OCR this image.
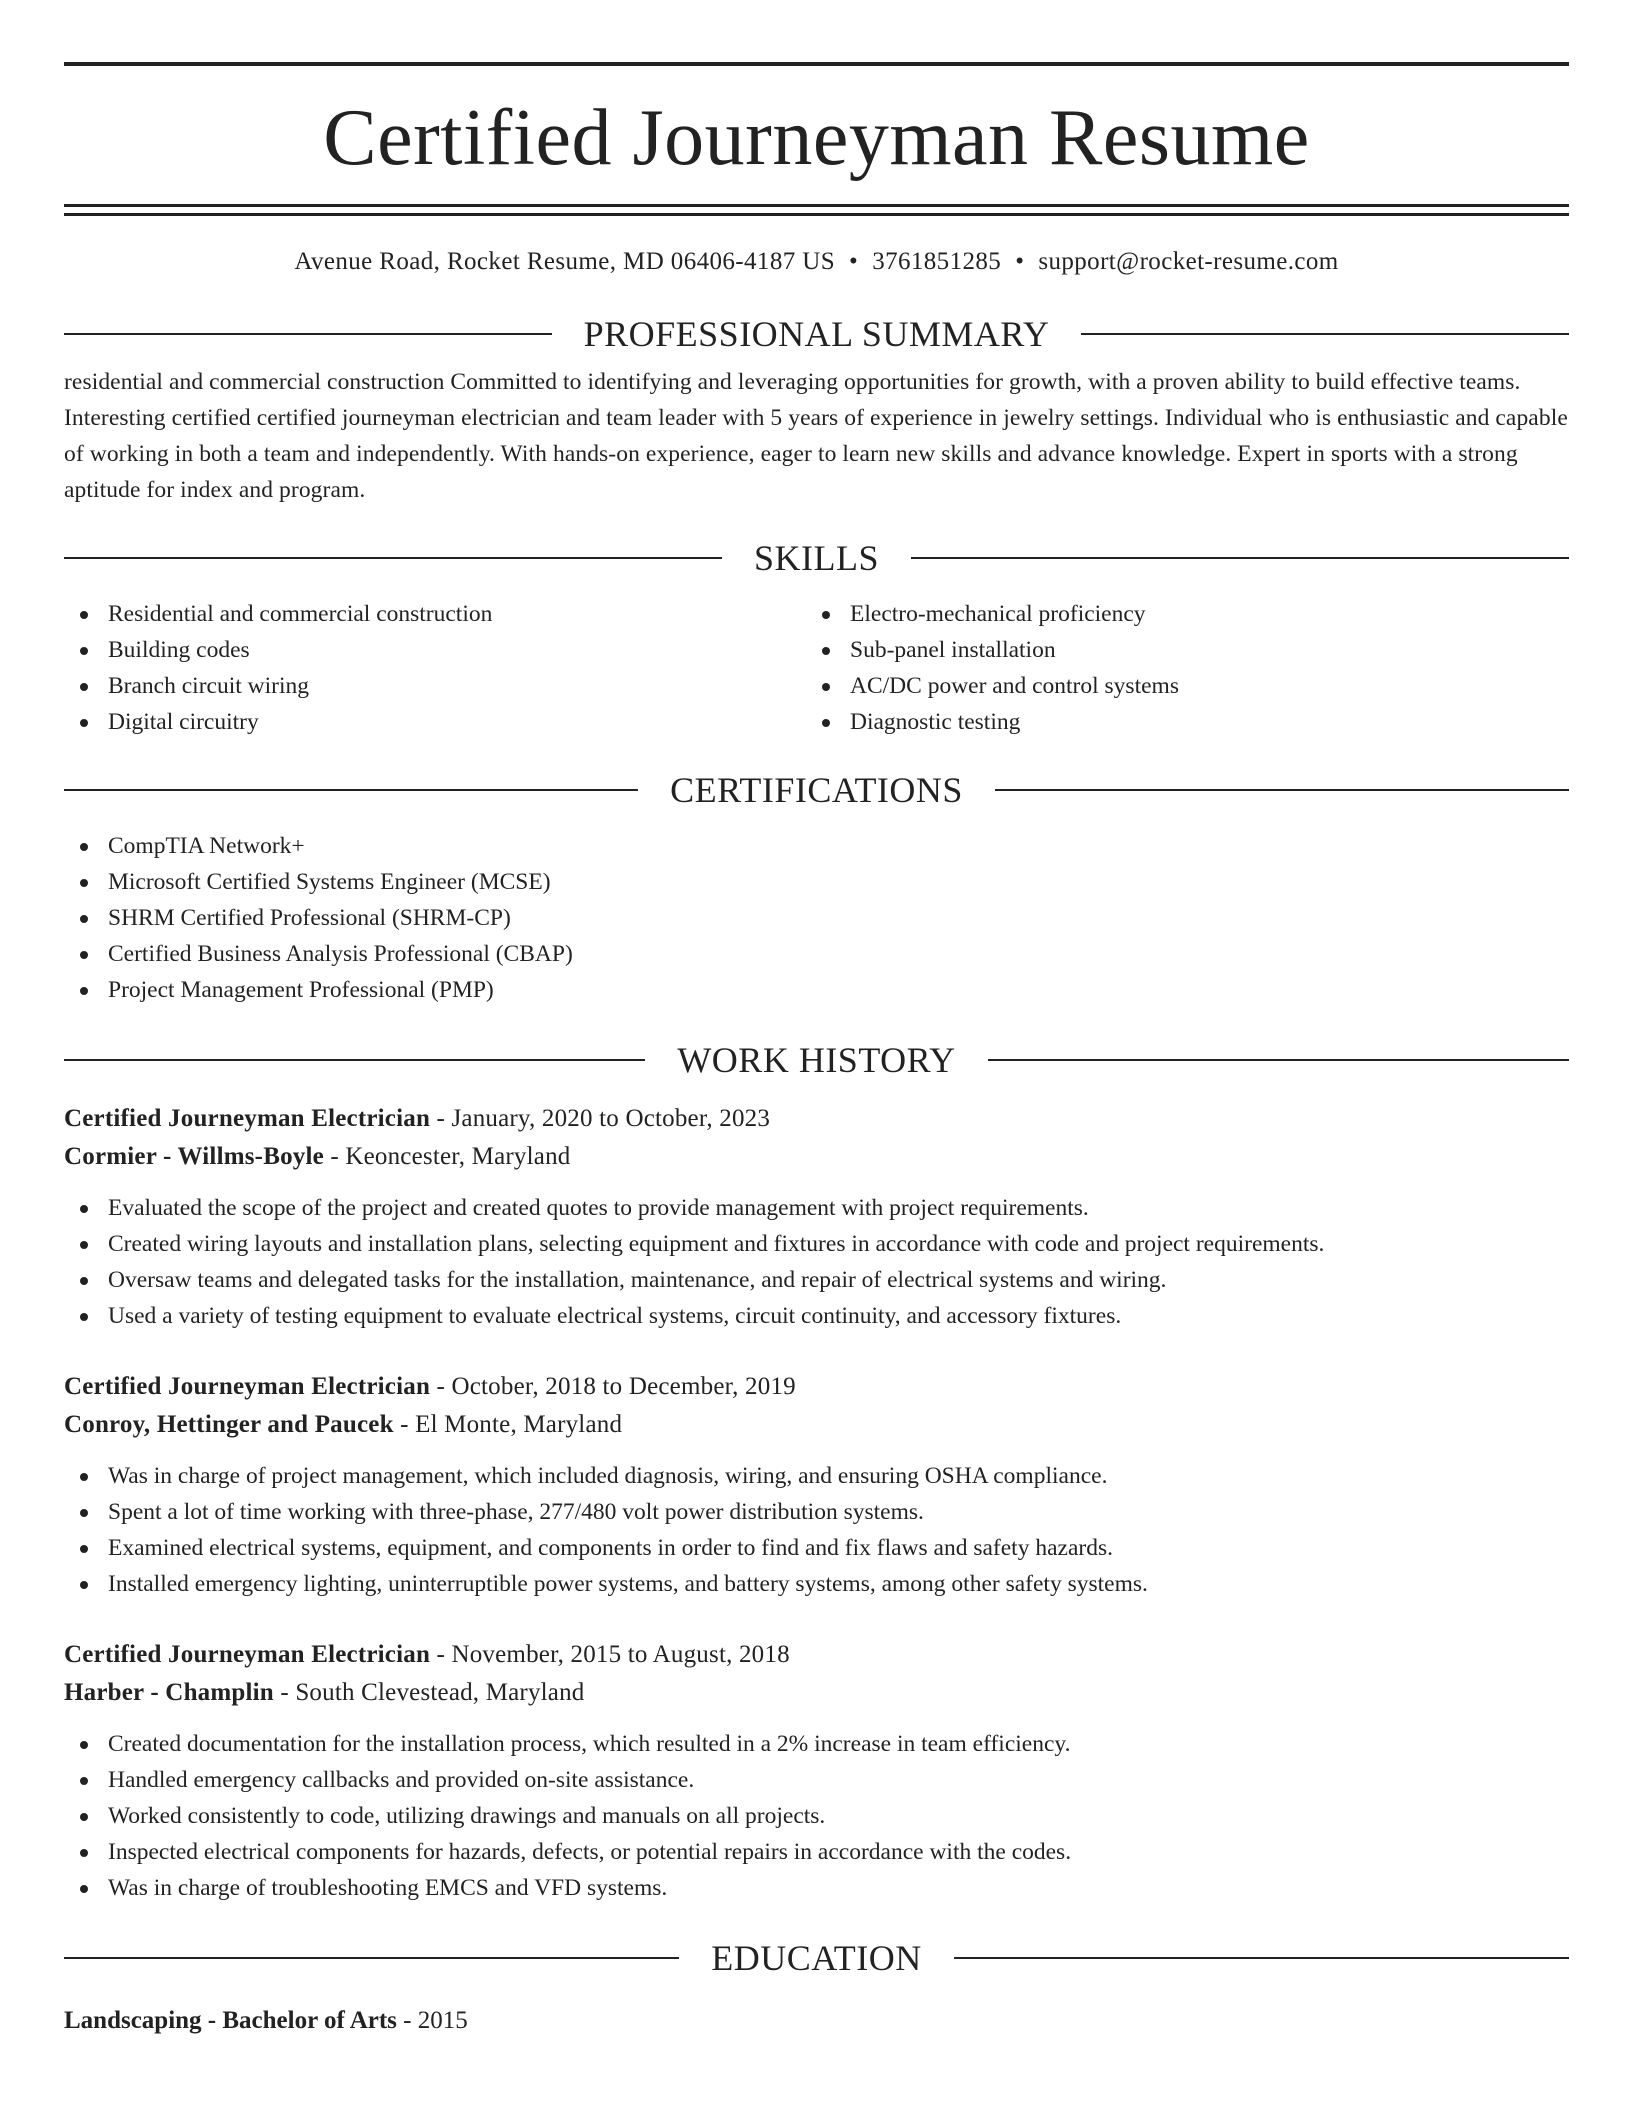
Certified Journeyman Resume
Avenue Road, Rocket Resume, MD 06406-4187 US • 3761851285 • support@rocket-resume.com
PROFESSIONAL SUMMARY
residential and commercial construction Committed to identifying and leveraging opportunities for growth, with a proven ability to build effective teams. Interesting certified certified journeyman electrician and team leader with 5 years of experience in jewelry settings. Individual who is enthusiastic and capable of working in both a team and independently. With hands-on experience, eager to learn new skills and advance knowledge. Expert in sports with a strong aptitude for index and program.
SKILLS
Residential and commercial construction
Building codes
Branch circuit wiring
Digital circuitry
Electro-mechanical proficiency
Sub-panel installation
AC/DC power and control systems
Diagnostic testing
CERTIFICATIONS
CompTIA Network+
Microsoft Certified Systems Engineer (MCSE)
SHRM Certified Professional (SHRM-CP)
Certified Business Analysis Professional (CBAP)
Project Management Professional (PMP)
WORK HISTORY
Certified Journeyman Electrician - January, 2020 to October, 2023
Cormier - Willms-Boyle - Keoncester, Maryland
Evaluated the scope of the project and created quotes to provide management with project requirements.
Created wiring layouts and installation plans, selecting equipment and fixtures in accordance with code and project requirements.
Oversaw teams and delegated tasks for the installation, maintenance, and repair of electrical systems and wiring.
Used a variety of testing equipment to evaluate electrical systems, circuit continuity, and accessory fixtures.
Certified Journeyman Electrician - October, 2018 to December, 2019
Conroy, Hettinger and Paucek - El Monte, Maryland
Was in charge of project management, which included diagnosis, wiring, and ensuring OSHA compliance.
Spent a lot of time working with three-phase, 277/480 volt power distribution systems.
Examined electrical systems, equipment, and components in order to find and fix flaws and safety hazards.
Installed emergency lighting, uninterruptible power systems, and battery systems, among other safety systems.
Certified Journeyman Electrician - November, 2015 to August, 2018
Harber - Champlin - South Clevestead, Maryland
Created documentation for the installation process, which resulted in a 2% increase in team efficiency.
Handled emergency callbacks and provided on-site assistance.
Worked consistently to code, utilizing drawings and manuals on all projects.
Inspected electrical components for hazards, defects, or potential repairs in accordance with the codes.
Was in charge of troubleshooting EMCS and VFD systems.
EDUCATION
Landscaping - Bachelor of Arts - 2015
